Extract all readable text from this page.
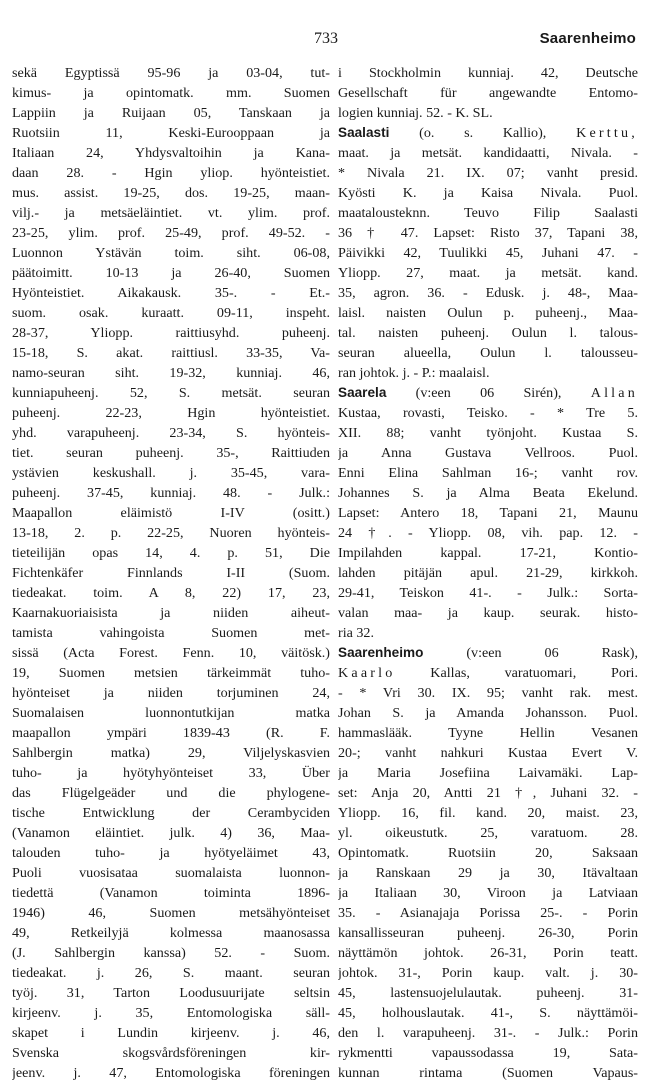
733	Saarenheimo
sekä Egyptissä 95-96 ja 03-04, tut-
kimus- ja opintomatk. mm. Suomen
Lappiin ja Ruijaan 05, Tanskaan ja
Ruotsiin 11, Keski-Eurooppaan ja
Italiaan 24, Yhdysvaltoihin ja Kana-
daan 28. - Hgin yliop. hyönteistiet.
mus. assist. 19-25, dos. 19-25, maan-
vilj.- ja metsäeläintiet. vt. ylim. prof.
23-25, ylim. prof. 25-49, prof. 49-52. -
Luonnon Ystävän toim. siht. 06-08,
päätoimitt. 10-13 ja 26-40, Suomen
Hyönteistiet. Aikakausk. 35-. - Et.-
suom. osak. kuraatt. 09-11, inspeht.
28-37, Yliopp. raittiusyhd. puheenj.
15-18, S. akat. raittiusl. 33-35, Va-
namo-seuran siht. 19-32, kunniaj. 46,
kunniapuheenj. 52, S. metsät. seuran
puheenj. 22-23, Hgin hyönteistiet.
yhd. varapuheenj. 23-34, S. hyönteis-
tiet. seuran puheenj. 35-, Raittiuden
ystävien keskushall. j. 35-45, vara-
puheenj. 37-45, kunniaj. 48. - Julk.:
Maapallon eläimistö I-IV (ositt.)
13-18, 2. p. 22-25, Nuoren hyönteis-
tieteilijän opas 14, 4. p. 51, Die
Fichtenkäfer Finnlands I-II (Suom.
tiedeakat. toim. A 8, 22) 17, 23,
Kaarnakuoriaisista ja niiden aiheut-
tamista vahingoista Suomen met-
sissä (Acta Forest. Fenn. 10, väitösk.)
19, Suomen metsien tärkeimmät tuho-
hyönteiset ja niiden torjuminen 24,
Suomalaisen luonnontutkijan matka
maapallon ympäri 1839-43 (R. F.
Sahlbergin matka) 29, Viljelyskasvien
tuho- ja hyötyhyönteiset 33, Über
das Flügelgeäder und die phylogene-
tische Entwicklung der Cerambyciden
(Vanamon eläintiet. julk. 4) 36, Maa-
talouden tuho- ja hyötyeläimet 43,
Puoli vuosisataa suomalaista luonnon-
tiedettä (Vanamon toiminta 1896-
1946) 46, Suomen metsähyönteiset
49, Retkeilyjä kolmessa maanosassa
(J. Sahlbergin kanssa) 52. - Suom.
tiedeakat. j. 26, S. maant. seuran
työj. 31, Tarton Loodusuurijate seltsin
kirjeenv. j. 35, Entomologiska säll-
skapet i Lundin kirjeenv. j. 46,
Svenska skogsvårdsföreningen kir-
jeenv. j. 47, Entomologiska föreningen
i Stockholmin kunniaj. 42, Deutsche
Gesellschaft für angewandte Entomo-
logien kunniaj. 52. - K. SL.
Saalasti (o. s. Kallio), Kerttu,
maat. ja metsät. kandidaatti, Nivala. -
* Nivala 21. IX. 07; vanht presid.
Kyösti K. ja Kaisa Nivala. Puol.
maatalousteknn. Teuvo Filip Saalasti
36 † 47. Lapset: Risto 37, Tapani 38,
Päivikki 42, Tuulikki 45, Juhani 47. -
Yliopp. 27, maat. ja metsät. kand.
35, agron. 36. - Edusk. j. 48-, Maa-
laisl. naisten Oulun p. puheenj., Maa-
tal. naisten puheenj. Oulun l. talous-
seuran alueella, Oulun l. talousseu-
ran johtok. j. - P.: maalaisl.
Saarela (v:een 06 Sirén), Allan
Kustaa, rovasti, Teisko. - * Tre 5.
XII. 88; vanht työnjoht. Kustaa S.
ja Anna Gustava Vellroos. Puol.
Enni Elina Sahlman 16-; vanht rov.
Johannes S. ja Alma Beata Ekelund.
Lapset: Antero 18, Tapani 21, Maunu
24 †. - Yliopp. 08, vih. pap. 12. -
Impilahden kappal. 17-21, Kontio-
lahden pitäjän apul. 21-29, kirkkoh.
29-41, Teiskon 41-. - Julk.: Sorta-
valan maa- ja kaup. seurak. histo-
ria 32.
Saarenheimo (v:een 06 Rask),
Kaarlo Kallas, varatuomari, Pori.
- * Vri 30. IX. 95; vanht rak. mest.
Johan S. ja Amanda Johansson. Puol.
hammaslääk. Tyyne Hellin Vesanen
20-; vanht nahkuri Kustaa Evert V.
ja Maria Josefiina Laivamäki. Lap-
set: Anja 20, Antti 21 †, Juhani 32. -
Yliopp. 16, fil. kand. 20, maist. 23,
yl. oikeustutk. 25, varatuom. 28.
Opintomatk. Ruotsiin 20, Saksaan
ja Ranskaan 29 ja 30, Itävaltaan
ja Italiaan 30, Viroon ja Latviaan
35. - Asianajaja Porissa 25-. - Porin
kansallisseuran puheenj. 26-30, Porin
näyttämön johtok. 26-31, Porin teatt.
johtok. 31-, Porin kaup. valt. j. 30-
45, lastensuojelulautak. puheenj. 31-
45, holhouslautak. 41-, S. näyttämöi-
den l. varapuheenj. 31-. - Julk.: Porin
rykmentti vapaussodassa 19, Sata-
kunnan rintama (Suomen Vapaus-
